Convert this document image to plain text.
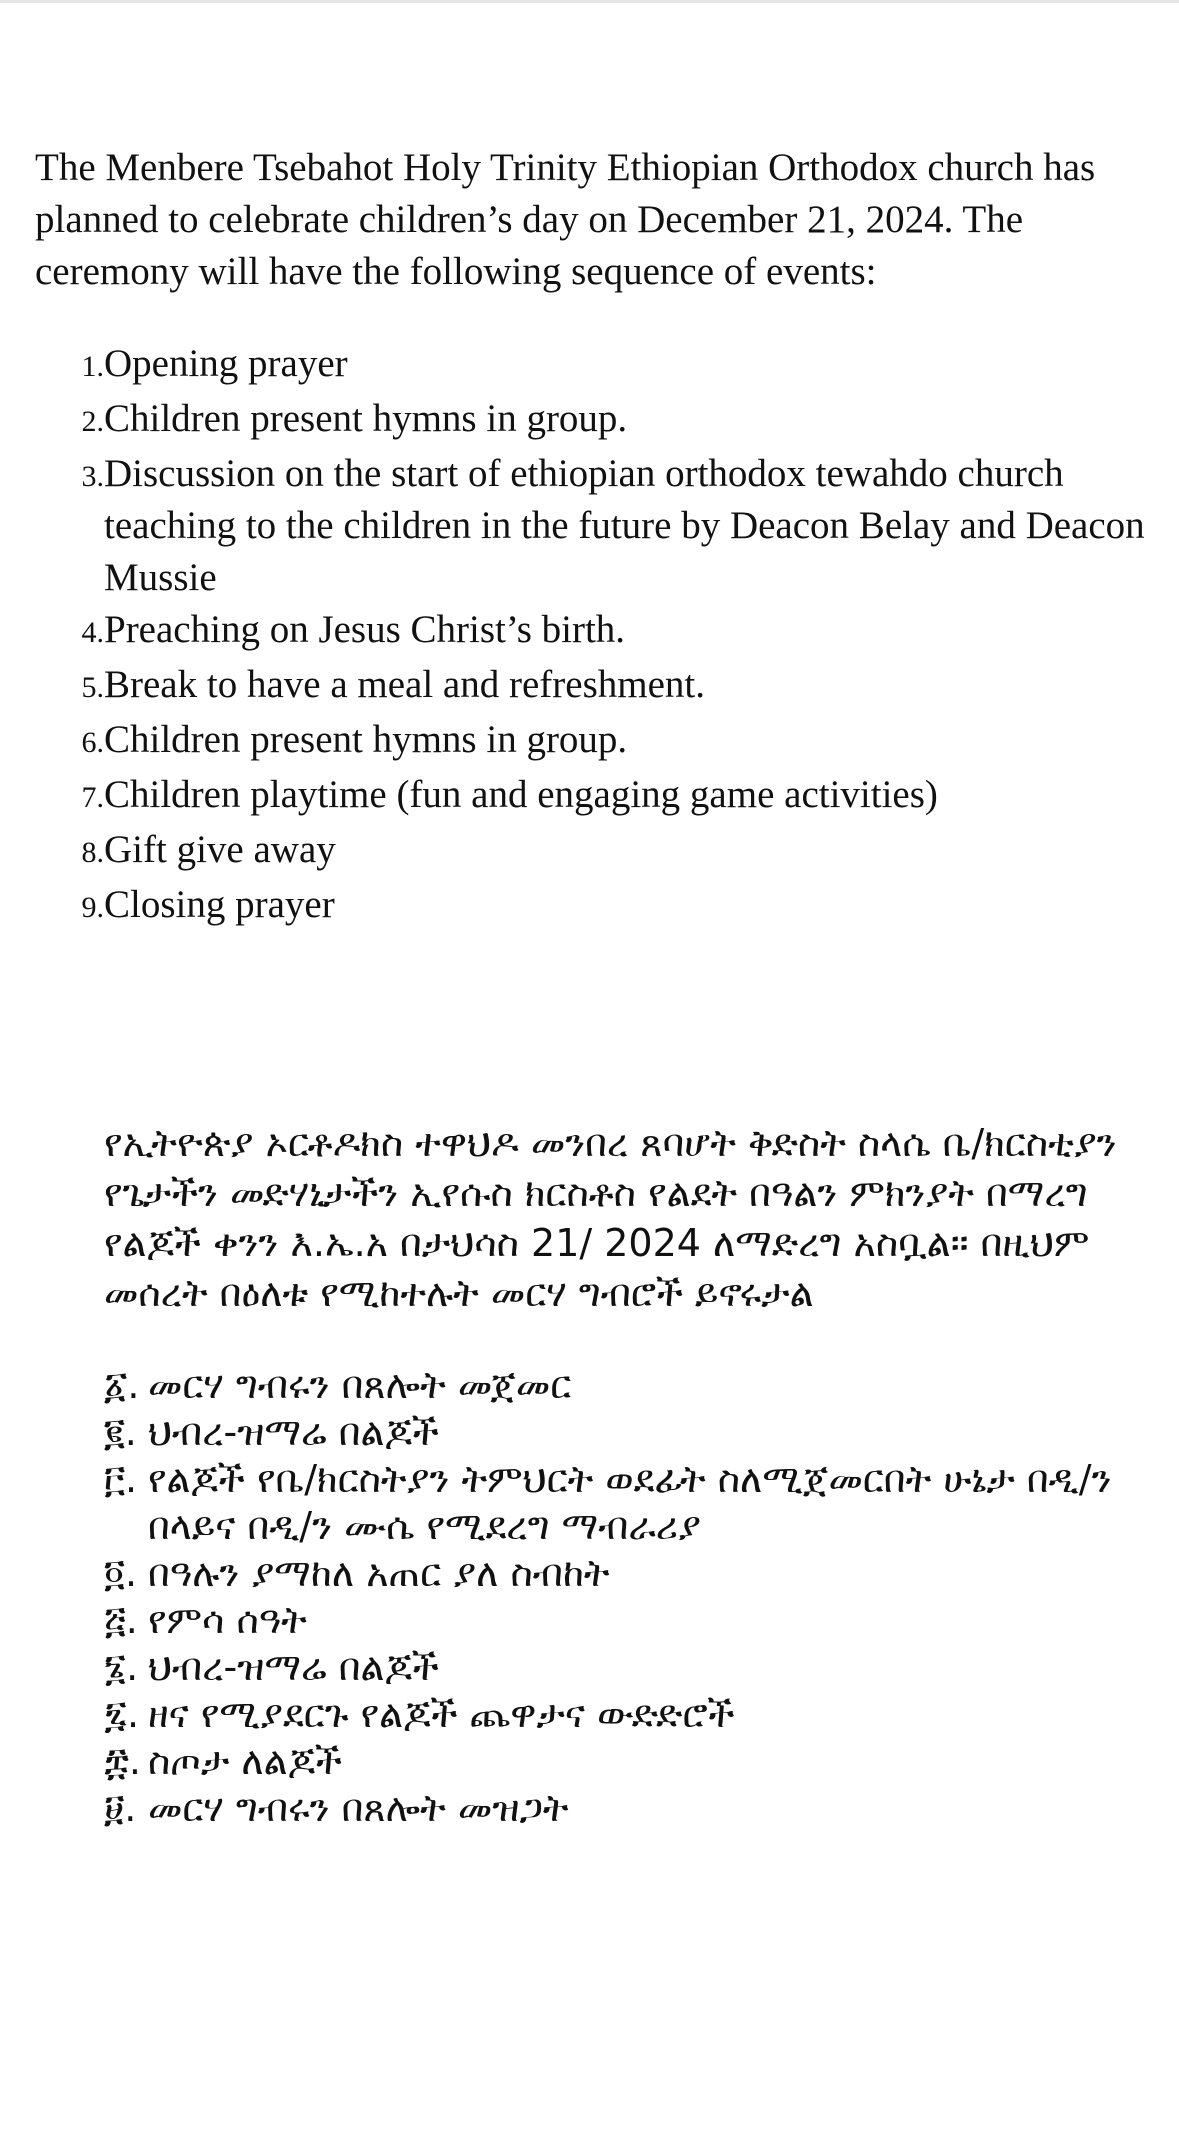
The Menbere Tsebahot Holy Trinity Ethiopian Orthodox church has planned to celebrate children’s day on December 21, 2024. The ceremony will have the following sequence of events:

1. Opening prayer
2. Children present hymns in group.
3. Discussion on the start of ethiopian orthodox tewahdo church teaching to the children in the future by Deacon Belay and Deacon Mussie
4. Preaching on Jesus Christ’s birth.
5. Break to have a meal and refreshment.
6. Children present hymns in group.
7. Children playtime (fun and engaging game activities)
8. Gift give away
9. Closing prayer

የኢትዮጵያ ኦርቶዶክስ ተዋህዶ መንበረ ጸባሆት ቅድስት ስላሴ ቤ/ክርስቲያን የጌታችን መድሃኒታችን ኢየሱስ ክርስቶስ የልደት በዓልን ምክንያት በማረግ የልጆች ቀንን እ.ኤ.አ በታህሳስ 21/ 2024 ለማድረግ አስቧል። በዚህም መሰረት በዕለቱ የሚከተሉት መርሃ ግብሮች ይኖሩታል

፩. መርሃ ግብሩን በጸሎት መጀመር
፪. ህብረ-ዝማሬ በልጆች
፫. የልጆች የቤ/ክርስትያን ትምህርት ወደፊት ስለሚጀመርበት ሁኔታ በዲ/ን በላይና በዲ/ን ሙሴ የሚደረግ ማብራሪያ
፬. በዓሉን ያማከለ አጠር ያለ ስብከት
፭. የምሳ ሰዓት
፮. ህብረ-ዝማሬ በልጆች
፯. ዘና የሚያደርጉ የልጆች ጨዋታና ውድድሮች
፰. ስጦታ ለልጆች
፱. መርሃ ግብሩን በጸሎት መዝጋት
